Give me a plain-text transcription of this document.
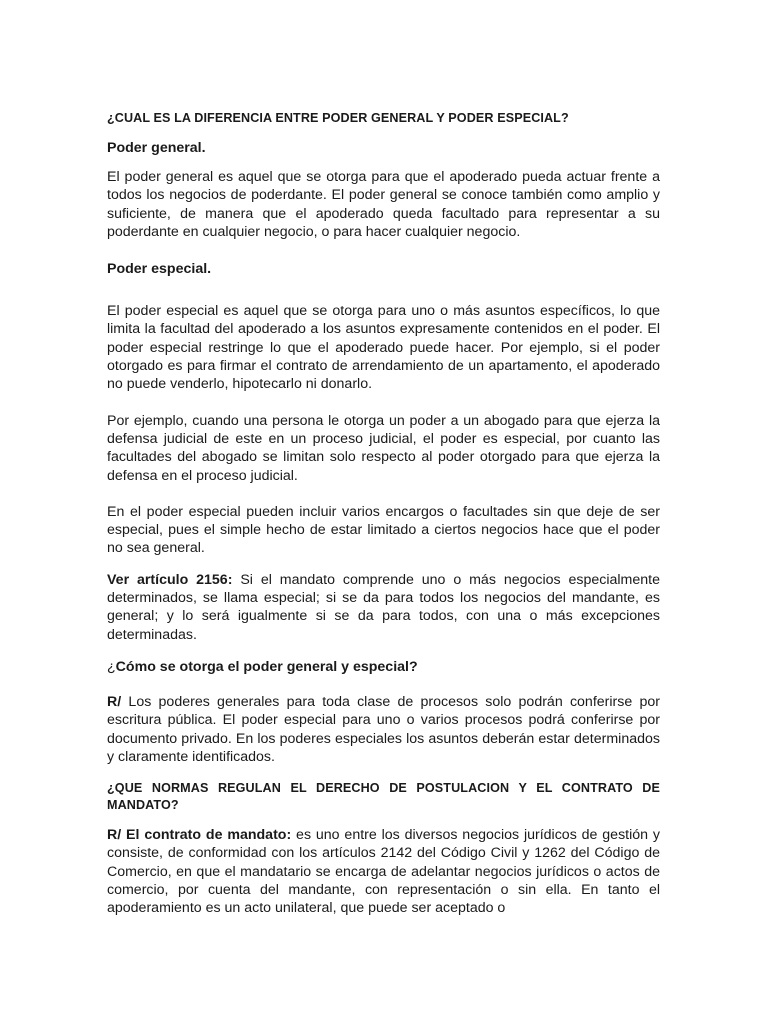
¿CUAL ES LA DIFERENCIA ENTRE PODER GENERAL Y PODER ESPECIAL?

Poder general.

El poder general es aquel que se otorga para que el apoderado pueda actuar frente a todos los negocios de poderdante. El poder general se conoce también como amplio y suficiente, de manera que el apoderado queda facultado para representar a su poderdante en cualquier negocio, o para hacer cualquier negocio.

Poder especial.

El poder especial es aquel que se otorga para uno o más asuntos específicos, lo que limita la facultad del apoderado a los asuntos expresamente contenidos en el poder. El poder especial restringe lo que el apoderado puede hacer. Por ejemplo, si el poder otorgado es para firmar el contrato de arrendamiento de un apartamento, el apoderado no puede venderlo, hipotecarlo ni donarlo.

Por ejemplo, cuando una persona le otorga un poder a un abogado para que ejerza la defensa judicial de este en un proceso judicial, el poder es especial, por cuanto las facultades del abogado se limitan solo respecto al poder otorgado para que ejerza la defensa en el proceso judicial.

En el poder especial pueden incluir varios encargos o facultades sin que deje de ser especial, pues el simple hecho de estar limitado a ciertos negocios hace que el poder no sea general.

Ver artículo 2156: Si el mandato comprende uno o más negocios especialmente determinados, se llama especial; si se da para todos los negocios del mandante, es general; y lo será igualmente si se da para todos, con una o más excepciones determinadas.

¿Cómo se otorga el poder general y especial?

R/ Los poderes generales para toda clase de procesos solo podrán conferirse por escritura pública. El poder especial para uno o varios procesos podrá conferirse por documento privado. En los poderes especiales los asuntos deberán estar determinados y claramente identificados.

¿QUE NORMAS REGULAN EL DERECHO DE POSTULACION Y EL CONTRATO DE MANDATO?

R/ El contrato de mandato: es uno entre los diversos negocios jurídicos de gestión y consiste, de conformidad con los artículos 2142 del Código Civil y 1262 del Código de Comercio, en que el mandatario se encarga de adelantar negocios jurídicos o actos de comercio, por cuenta del mandante, con representación o sin ella. En tanto el apoderamiento es un acto unilateral, que puede ser aceptado o
